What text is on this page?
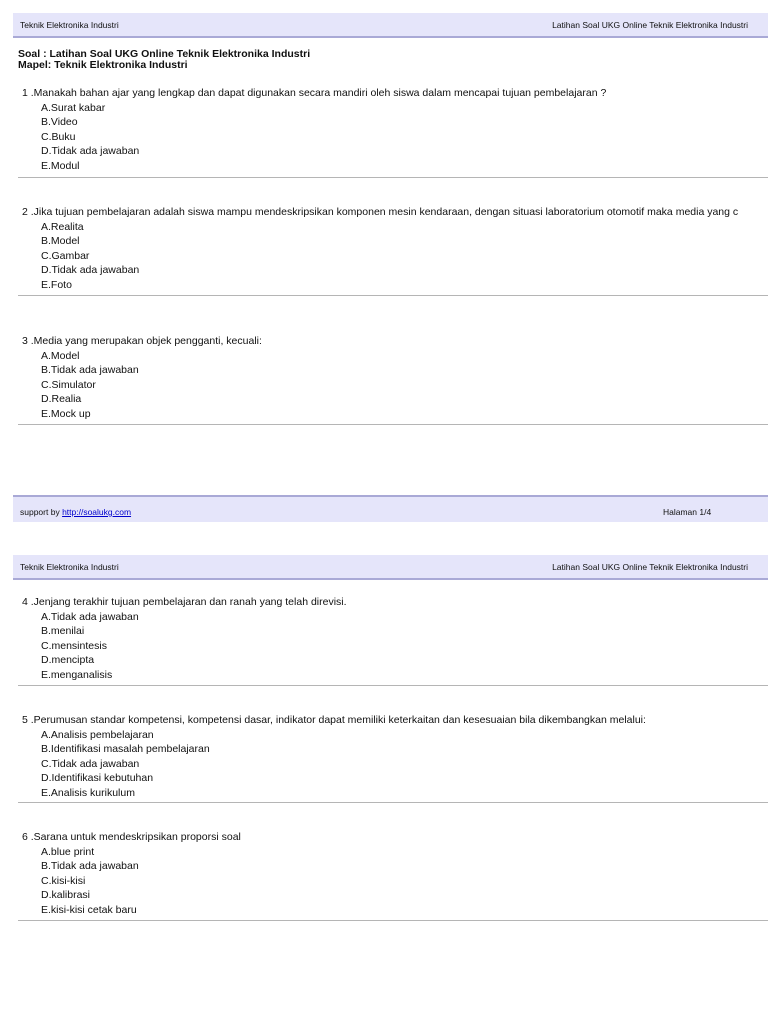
Teknik Elektronika Industri	Latihan Soal UKG Online Teknik Elektronika Industri
Soal : Latihan Soal UKG Online Teknik Elektronika Industri
Mapel: Teknik Elektronika Industri
1 .Manakah bahan ajar yang lengkap dan dapat digunakan secara mandiri oleh siswa dalam mencapai tujuan pembelajaran ?
A.Surat kabar
B.Video
C.Buku
D.Tidak ada jawaban
E.Modul
2 .Jika tujuan pembelajaran adalah siswa mampu mendeskripsikan komponen mesin kendaraan, dengan situasi laboratorium otomotif maka media yang c
A.Realita
B.Model
C.Gambar
D.Tidak ada jawaban
E.Foto
3 .Media yang merupakan objek pengganti, kecuali:
A.Model
B.Tidak ada jawaban
C.Simulator
D.Realia
E.Mock up
support by http://soalukg.com	Halaman 1/4
Teknik Elektronika Industri	Latihan Soal UKG Online Teknik Elektronika Industri
4 .Jenjang terakhir tujuan pembelajaran dan ranah yang telah direvisi.
A.Tidak ada jawaban
B.menilai
C.mensintesis
D.mencipta
E.menganalisis
5 .Perumusan standar kompetensi, kompetensi dasar, indikator dapat memiliki keterkaitan dan kesesuaian bila dikembangkan melalui:
A.Analisis pembelajaran
B.Identifikasi masalah pembelajaran
C.Tidak ada jawaban
D.Identifikasi kebutuhan
E.Analisis kurikulum
6 .Sarana untuk mendeskripsikan proporsi soal
A.blue print
B.Tidak ada jawaban
C.kisi-kisi
D.kalibrasi
E.kisi-kisi cetak baru
